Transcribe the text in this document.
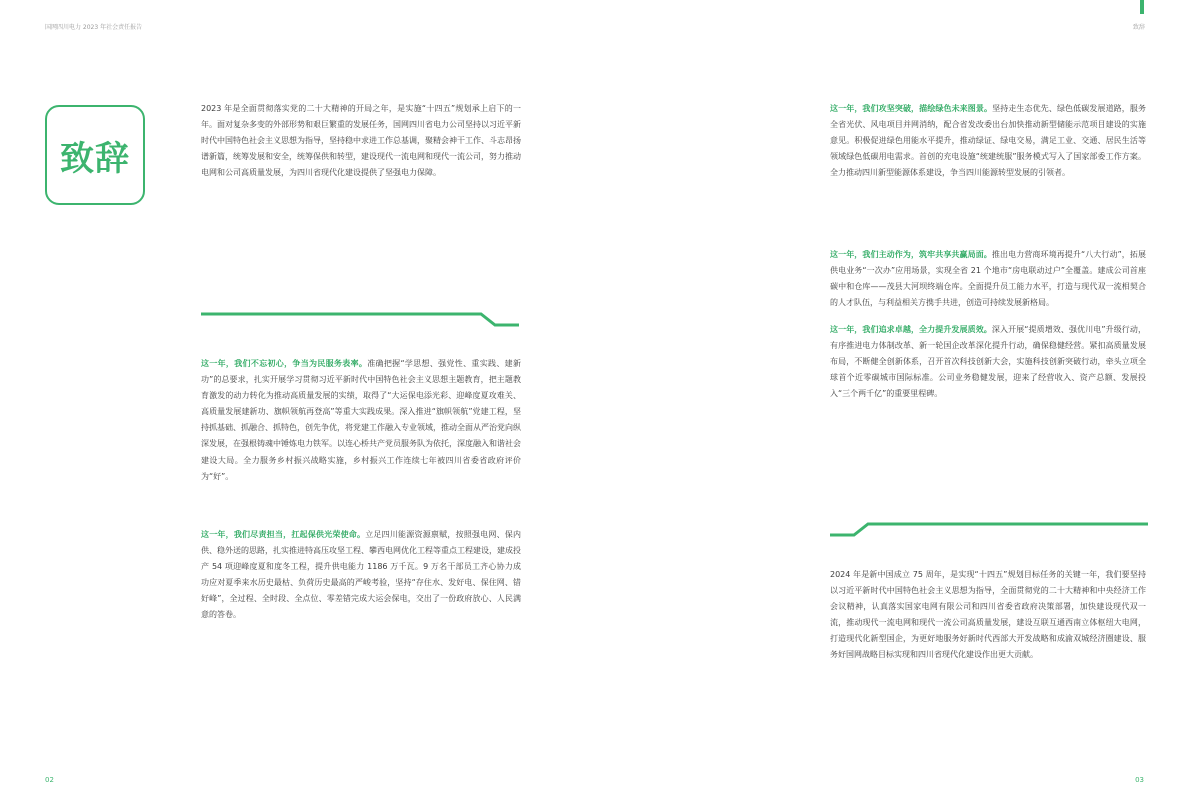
国网四川电力 2023 年社会责任报告	致辞
致辞

2023 年是全面贯彻落实党的二十大精神的开局之年，是实施“十四五”规划承上启下的一年。面对复杂多变的外部形势和艰巨繁重的发展任务，国网四川省电力公司坚持以习近平新时代中国特色社会主义思想为指导，坚持稳中求进工作总基调，聚精会神干工作、斗志昂扬谱新篇，统筹发展和安全，统筹保供和转型，建设现代一流电网和现代一流公司，努力推动电网和公司高质量发展，为四川省现代化建设提供了坚强电力保障。

这一年，我们不忘初心，争当为民服务表率。准确把握“学思想、强党性、重实践、建新功”的总要求，扎实开展学习贯彻习近平新时代中国特色社会主义思想主题教育，把主题教育激发的动力转化为推动高质量发展的实绩，取得了“大运保电添光彩、迎峰度夏攻难关、高质量发展建新功、旗帜领航再登高”等重大实践成果。深入推进“旗帜领航”党建工程，坚持抓基础、抓融合、抓特色，创先争优，将党建工作融入专业领域，推动全面从严治党向纵深发展，在强根铸魂中锤炼电力铁军。以连心桥共产党员服务队为依托，深度融入和谐社会建设大局。全力服务乡村振兴战略实施，乡村振兴工作连续七年被四川省委省政府评价为“好”。

这一年，我们尽责担当，扛起保供光荣使命。立足四川能源资源禀赋，按照强电网、保内供、稳外送的思路，扎实推进特高压攻坚工程、攀西电网优化工程等重点工程建设，建成投产 54 项迎峰度夏和度冬工程，提升供电能力 1186 万千瓦。9 万名干部员工齐心协力成功应对夏季来水历史最枯、负荷历史最高的严峻考验，坚持“存住水、发好电、保住网、错好峰”，全过程、全时段、全点位、零差错完成大运会保电，交出了一份政府放心、人民满意的答卷。

这一年，我们攻坚突破，描绘绿色未来图景。坚持走生态优先、绿色低碳发展道路，服务全省光伏、风电项目并网消纳，配合省发改委出台加快推动新型储能示范项目建设的实施意见。积极促进绿色用能水平提升，推动绿证、绿电交易，满足工业、交通、居民生活等领域绿色低碳用电需求。首创的充电设施“统建统服”服务模式写入了国家部委工作方案。全力推动四川新型能源体系建设，争当四川能源转型发展的引领者。

这一年，我们主动作为，筑牢共享共赢局面。推出电力营商环境再提升“八大行动”，拓展供电业务“一次办”应用场景，实现全省 21 个地市“房电联动过户”全覆盖。建成公司首座碳中和仓库——茂县大河坝终端仓库。全面提升员工能力水平，打造与现代双一流相契合的人才队伍，与利益相关方携手共进，创造可持续发展新格局。

这一年，我们追求卓越，全力提升发展质效。深入开展“提质增效、强优川电”升级行动，有序推进电力体制改革、新一轮国企改革深化提升行动，确保稳健经营。紧扣高质量发展布局，不断健全创新体系，召开首次科技创新大会，实施科技创新突破行动，牵头立项全球首个近零碳城市国际标准。公司业务稳健发展，迎来了经营收入、资产总额、发展投入“三个两千亿”的重要里程碑。

2024 年是新中国成立 75 周年，是实现“十四五”规划目标任务的关键一年，我们要坚持以习近平新时代中国特色社会主义思想为指导，全面贯彻党的二十大精神和中央经济工作会议精神，认真落实国家电网有限公司和四川省委省政府决策部署，加快建设现代双一流，推动现代一流电网和现代一流公司高质量发展，建设互联互通西南立体枢纽大电网，打造现代化新型国企，为更好地服务好新时代西部大开发战略和成渝双城经济圈建设、服务好国网战略目标实现和四川省现代化建设作出更大贡献。

02	03
